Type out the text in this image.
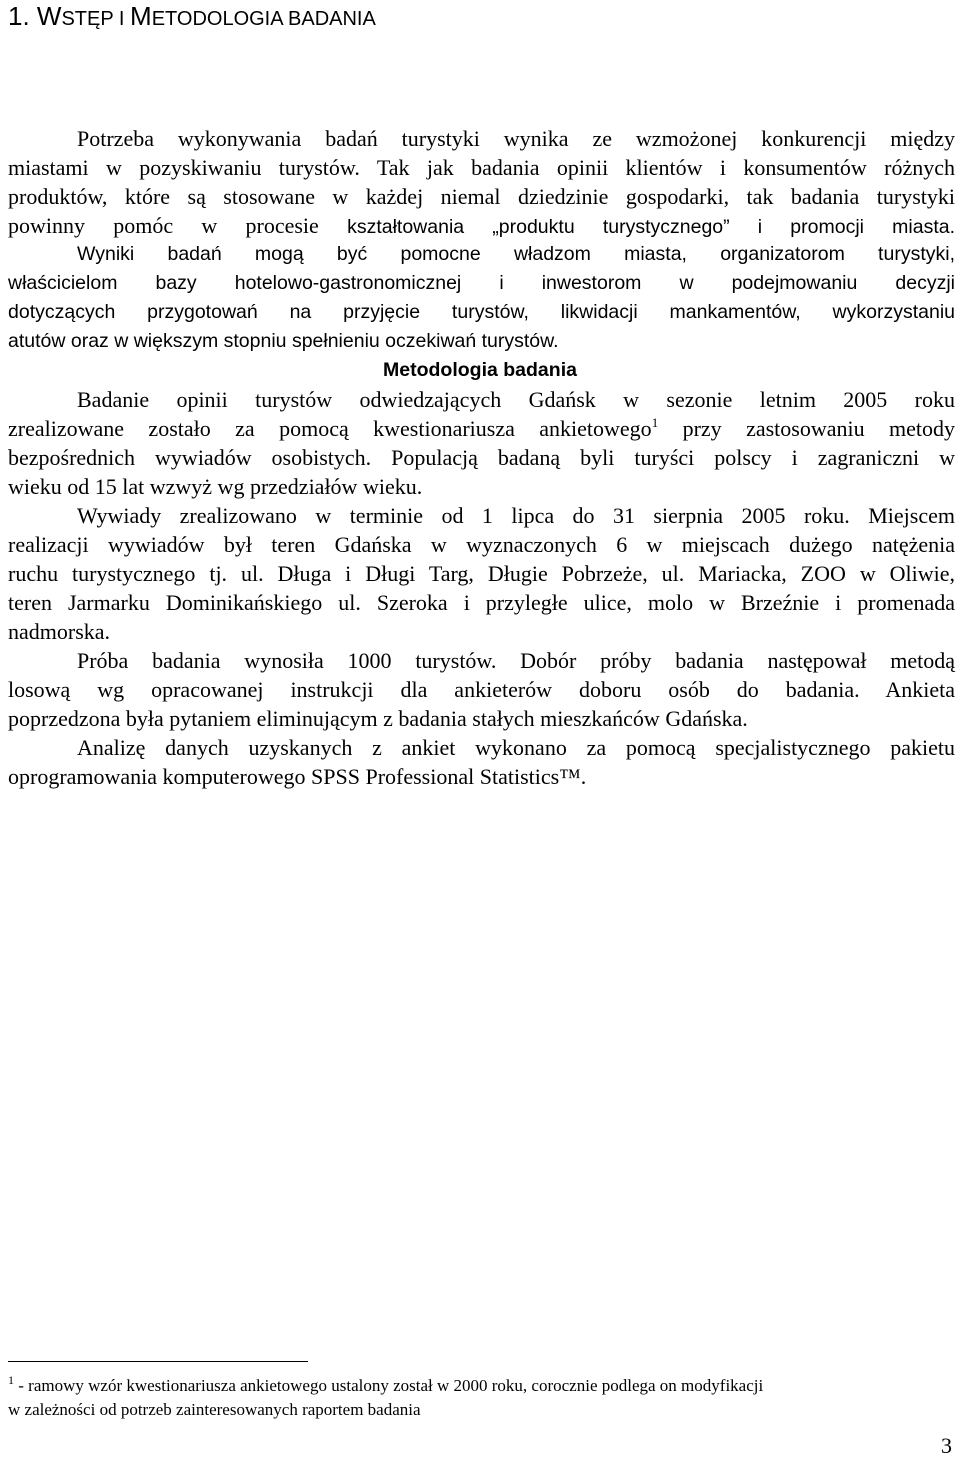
1. WSTĘP I METODOLOGIA BADANIA
Potrzeba wykonywania badań turystyki wynika ze wzmożonej konkurencji między
miastami w pozyskiwaniu turystów. Tak jak badania opinii klientów i konsumentów różnych
produktów, które są stosowane w każdej niemal dziedzinie gospodarki, tak badania turystyki
powinny pomóc w procesie kształtowania „produktu turystycznego” i promocji miasta.
Wyniki badań mogą być pomocne władzom miasta, organizatorom turystyki,
właścicielom bazy hotelowo-gastronomicznej i inwestorom w podejmowaniu decyzji
dotyczących przygotowań na przyjęcie turystów, likwidacji mankamentów, wykorzystaniu
atutów oraz w większym stopniu spełnieniu oczekiwań turystów.
Metodologia badania
Badanie opinii turystów odwiedzających Gdańsk w sezonie letnim 2005 roku
zrealizowane zostało za pomocą kwestionariusza ankietowego$^1$ przy zastosowaniu metody
bezpośrednich wywiadów osobistych. Populacją badaną byli turyści polscy i zagraniczni w
wieku od 15 lat wzwyż wg przedziałów wieku.
Wywiady zrealizowano w terminie od 1 lipca do 31 sierpnia 2005 roku. Miejscem
realizacji wywiadów był teren Gdańska w wyznaczonych 6 w miejscach dużego natężenia
ruchu turystycznego tj. ul. Długa i Długi Targ, Długie Pobrzeże, ul. Mariacka, ZOO w Oliwie,
teren Jarmarku Dominikańskiego ul. Szeroka i przyległe ulice, molo w Brzeźnie i promenada
nadmorska.
Próba badania wynosiła 1000 turystów. Dobór próby badania następował metodą
losową wg opracowanej instrukcji dla ankieterów doboru osób do badania. Ankieta
poprzedzona była pytaniem eliminującym z badania stałych mieszkańców Gdańska.
Analizę danych uzyskanych z ankiet wykonano za pomocą specjalistycznego pakietu
oprogramowania komputerowego SPSS Professional Statistics™.
$^1$ - ramowy wzór kwestionariusza ankietowego ustalony został w 2000 roku, corocznie podlega on modyfikacji
w zależności od potrzeb zainteresowanych raportem badania
3
